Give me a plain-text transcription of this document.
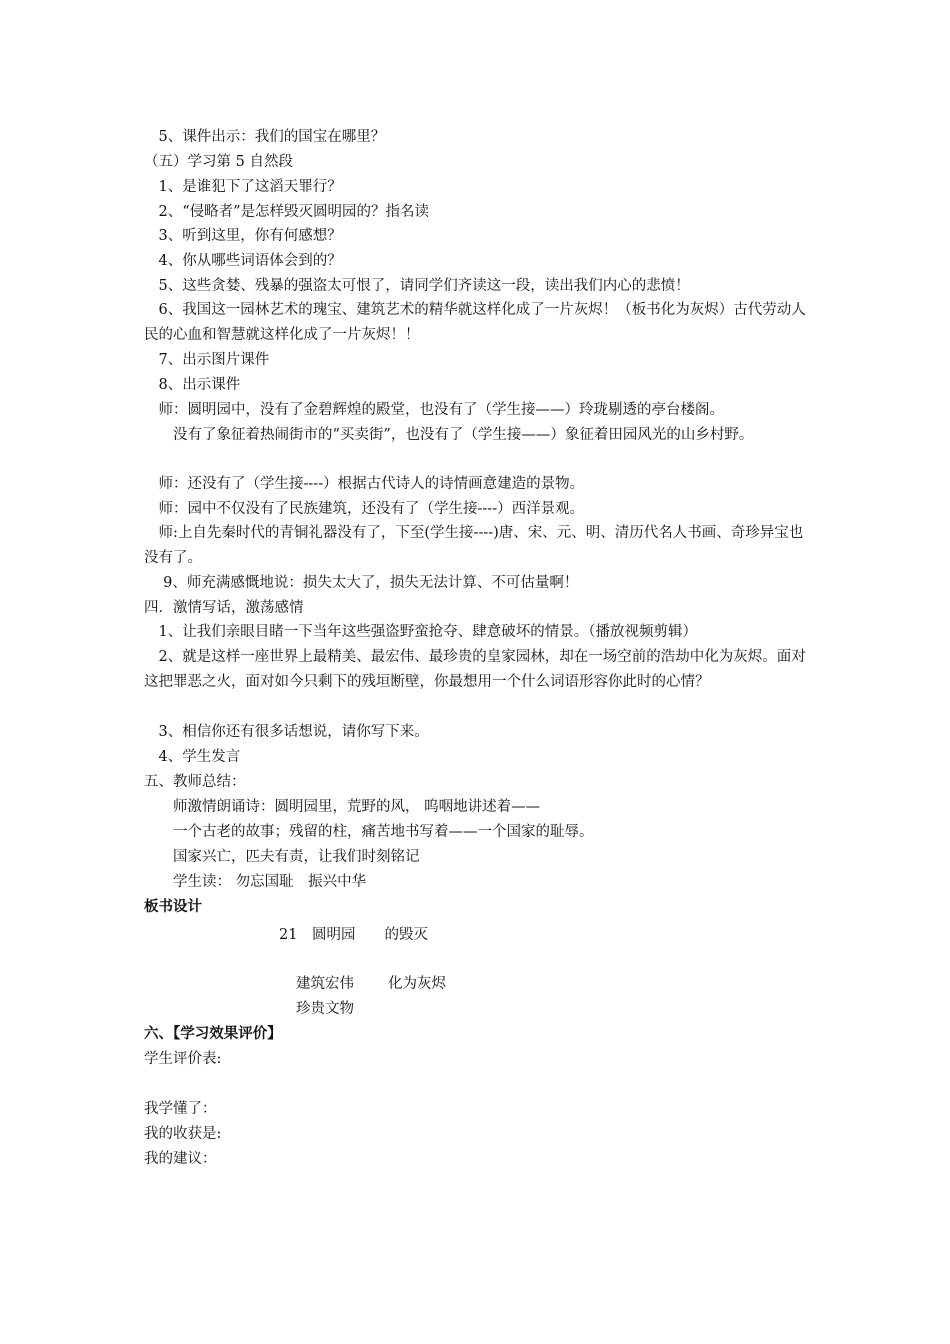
　5、课件出示：我们的国宝在哪里？
（五）学习第 5 自然段
　1、是谁犯下了这滔天罪行？
　2、“侵略者”是怎样毁灭圆明园的？指名读
　3、听到这里，你有何感想？
　4、你从哪些词语体会到的？
　5、这些贪婪、残暴的强盗太可恨了，请同学们齐读这一段，读出我们内心的悲愤！
　6、我国这一园林艺术的瑰宝、建筑艺术的精华就这样化成了一片灰烬！（板书化为灰烬）古代劳动人民的心血和智慧就这样化成了一片灰烬！！
　7、出示图片课件
　8、出示课件
　师：圆明园中，没有了金碧辉煌的殿堂，也没有了（学生接——）玲珑剔透的亭台楼阁。
　　没有了象征着热闹街市的“买卖街”，也没有了（学生接——）象征着田园风光的山乡村野。
　师：还没有了（学生接----）根据古代诗人的诗情画意建造的景物。
　师：园中不仅没有了民族建筑，还没有了（学生接----）西洋景观。
　师:上自先秦时代的青铜礼器没有了，下至(学生接----)唐、宋、元、明、清历代名人书画、奇珍异宝也没有了。
　 9、师充满感慨地说：损失太大了，损失无法计算、不可估量啊！
四．激情写话，激荡感情
　1、让我们亲眼目睹一下当年这些强盗野蛮抢夺、肆意破坏的情景。（播放视频剪辑）
　2、就是这样一座世界上最精美、最宏伟、最珍贵的皇家园林，却在一场空前的浩劫中化为灰烬。面对这把罪恶之火，面对如今只剩下的残垣断壁，你最想用一个什么词语形容你此时的心情？
　3、相信你还有很多话想说，请你写下来。
　4、学生发言
五、教师总结：
　　师激情朗诵诗：圆明园里，荒野的风， 呜咽地讲述着——
　　一个古老的故事；残留的柱，痛苦地书写着——一个国家的耻辱。
　　国家兴亡，匹夫有责，让我们时刻铭记
　　学生读： 勿忘国耻　振兴中华
板书设计
21　圆明园　　的毁灭
建筑宏伟	化为灰烬
珍贵文物
六、【学习效果评价】
学生评价表:
我学懂了：
我的收获是:
我的建议：
